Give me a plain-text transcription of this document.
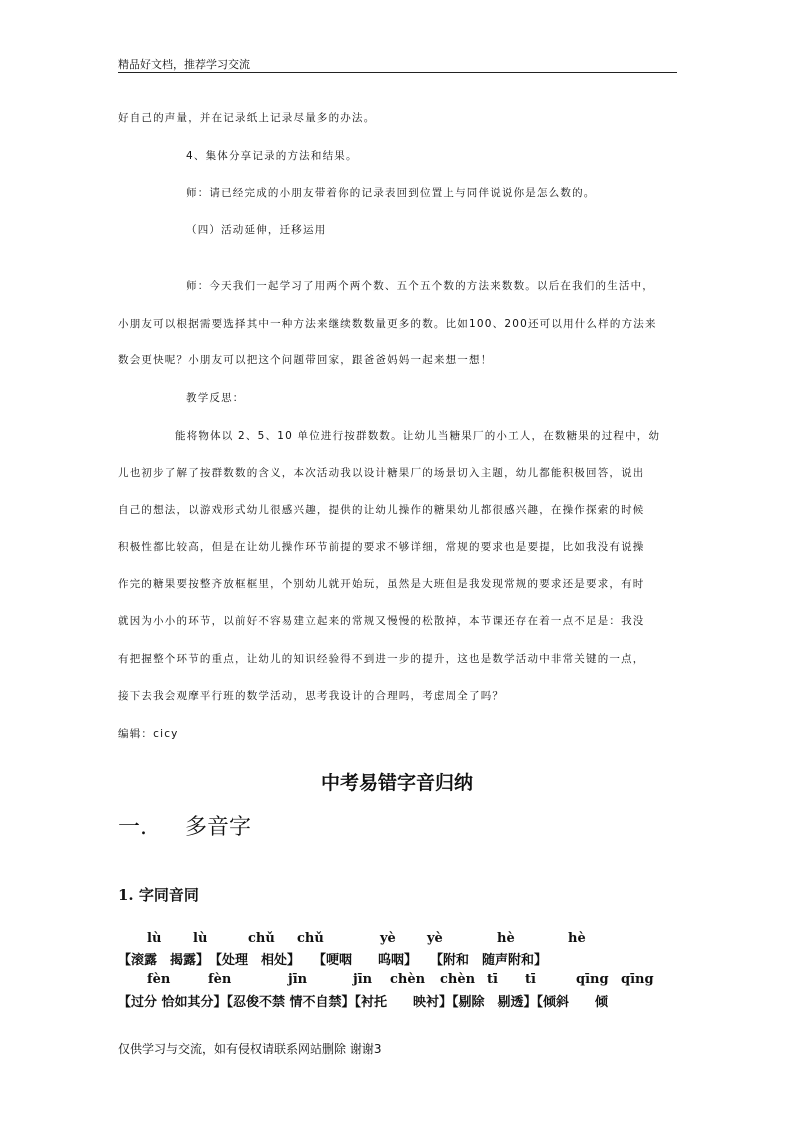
精品好文档，推荐学习交流
好自己的声量，并在记录纸上记录尽量多的办法。
4、集体分享记录的方法和结果。
师：请已经完成的小朋友带着你的记录表回到位置上与同伴说说你是怎么数的。
（四）活动延伸，迁移运用
师：今天我们一起学习了用两个两个数、五个五个数的方法来数数。以后在我们的生活中，
小朋友可以根据需要选择其中一种方法来继续数数量更多的数。比如100、200还可以用什么样的方法来
数会更快呢？小朋友可以把这个问题带回家，跟爸爸妈妈一起来想一想！
教学反思：
能将物体以 2、5、10 单位进行按群数数。让幼儿当糖果厂的小工人，在数糖果的过程中，幼
儿也初步了解了按群数数的含义，本次活动我以设计糖果厂的场景切入主题，幼儿都能积极回答，说出
自己的想法，以游戏形式幼儿很感兴趣，提供的让幼儿操作的糖果幼儿都很感兴趣，在操作探索的时候
积极性都比较高，但是在让幼儿操作环节前提的要求不够详细，常规的要求也是要提，比如我没有说操
作完的糖果要按整齐放框框里，个别幼儿就开始玩，虽然是大班但是我发现常规的要求还是要求，有时
就因为小小的环节，以前好不容易建立起来的常规又慢慢的松散掉，本节课还存在着一点不足是：我没
有把握整个环节的重点，让幼儿的知识经验得不到进一步的提升，这也是数学活动中非常关键的一点，
接下去我会观摩平行班的数学活动，思考我设计的合理吗，考虑周全了吗？
编辑：cicy
中考易错字音归纳
一. 多音字
1. 字同音同
lù lù	chǔ chǔ	yè yè	hè	hè
【滚露　揭露】　【处理　相处】　　【哽咽　　呜咽】　　【附和　随声附和】
fèn	fèn	jīn	jīn chèn chèn tī tī	qīng qīng
【过分 恰如其分】【忍俊不禁 情不自禁】【衬托　　映衬】【剔除　剔透】【倾斜　　倾
仅供学习与交流，如有侵权请联系网站删除 谢谢3
